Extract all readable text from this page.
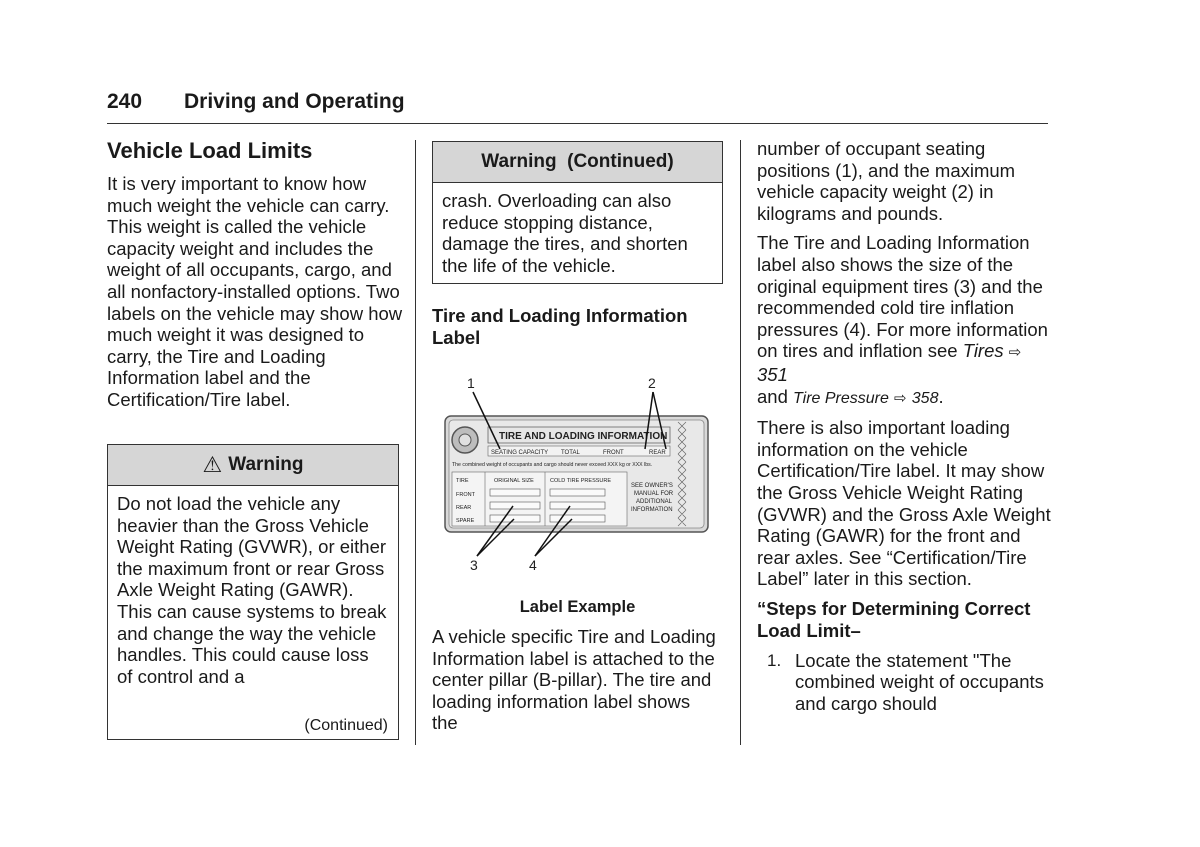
240 Driving and Operating
Vehicle Load Limits

It is very important to know how much weight the vehicle can carry. This weight is called the vehicle capacity weight and includes the weight of all occupants, cargo, and all nonfactory-installed options. Two labels on the vehicle may show how much weight it was designed to carry, the Tire and Loading Information label and the Certification/Tire label.

⚠ Warning
Do not load the vehicle any heavier than the Gross Vehicle Weight Rating (GVWR), or either the maximum front or rear Gross Axle Weight Rating (GAWR). This can cause systems to break and change the way the vehicle handles. This could cause loss of control and a
(Continued)
Warning  (Continued)
crash. Overloading can also reduce stopping distance, damage the tires, and shorten the life of the vehicle.
Tire and Loading Information Label
TIRE AND LOADING INFORMATION
SEATING CAPACITY TOTAL	FRONT	REAR
The combined weight of occupants and cargo should never exceed XXX kg or XXX lbs.
TIRE	ORIGINAL SIZE	COLD TIRE PRESSURE
FRONT
REAR
SPARE
SEE OWNER'S
MANUAL FOR
ADDITIONAL
INFORMATION
1	2
3	4
Label Example
A vehicle specific Tire and Loading Information label is attached to the center pillar (B-pillar). The tire and loading information label shows the

number of occupant seating positions (1), and the maximum vehicle capacity weight (2) in kilograms and pounds.

The Tire and Loading Information label also shows the size of the original equipment tires (3) and the recommended cold tire inflation pressures (4). For more information on tires and inflation see Tires ⇨ 351
and Tire Pressure ⇨ 358.

There is also important loading information on the vehicle Certification/Tire label. It may show the Gross Vehicle Weight Rating (GVWR) and the Gross Axle Weight Rating (GAWR) for the front and rear axles. See “Certification/Tire Label” later in this section.

“Steps for Determining Correct Load Limit–
1. Locate the statement "The combined weight of occupants and cargo should
